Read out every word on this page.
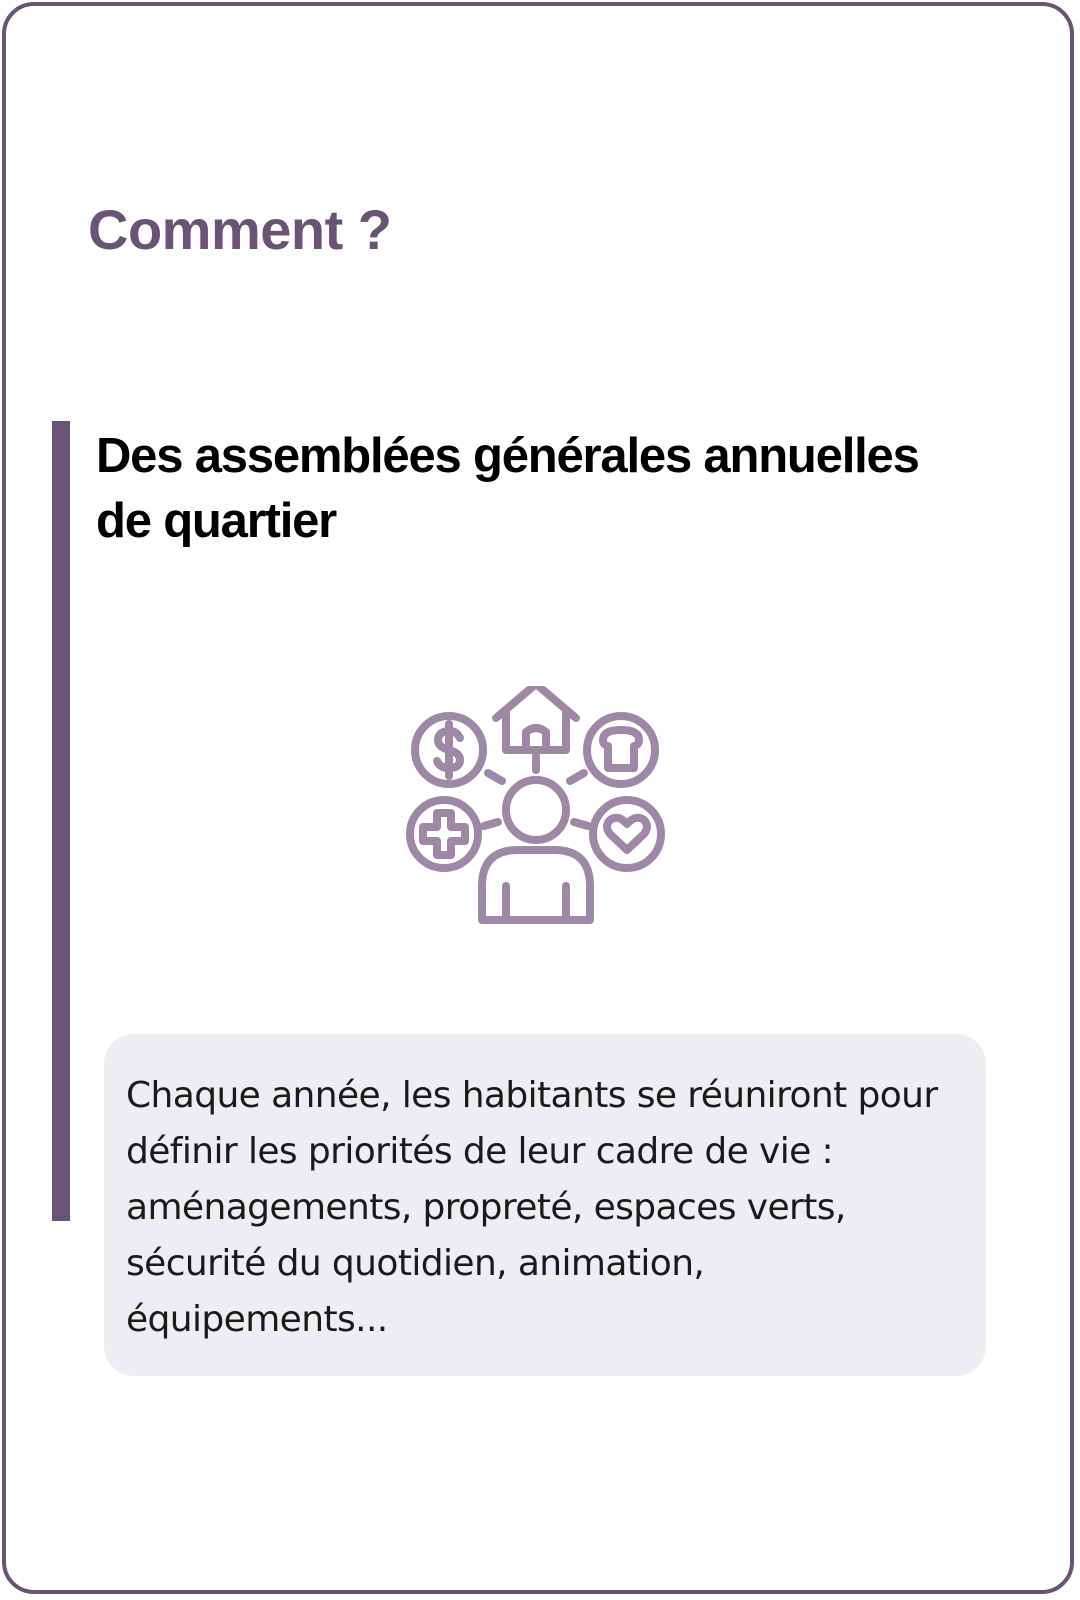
Comment ?
Des assemblées générales annuelles
de quartier

Chaque année, les habitants se réuniront pour définir les priorités de leur cadre de vie : aménagements, propreté, espaces verts, sécurité du quotidien, animation, équipements...
